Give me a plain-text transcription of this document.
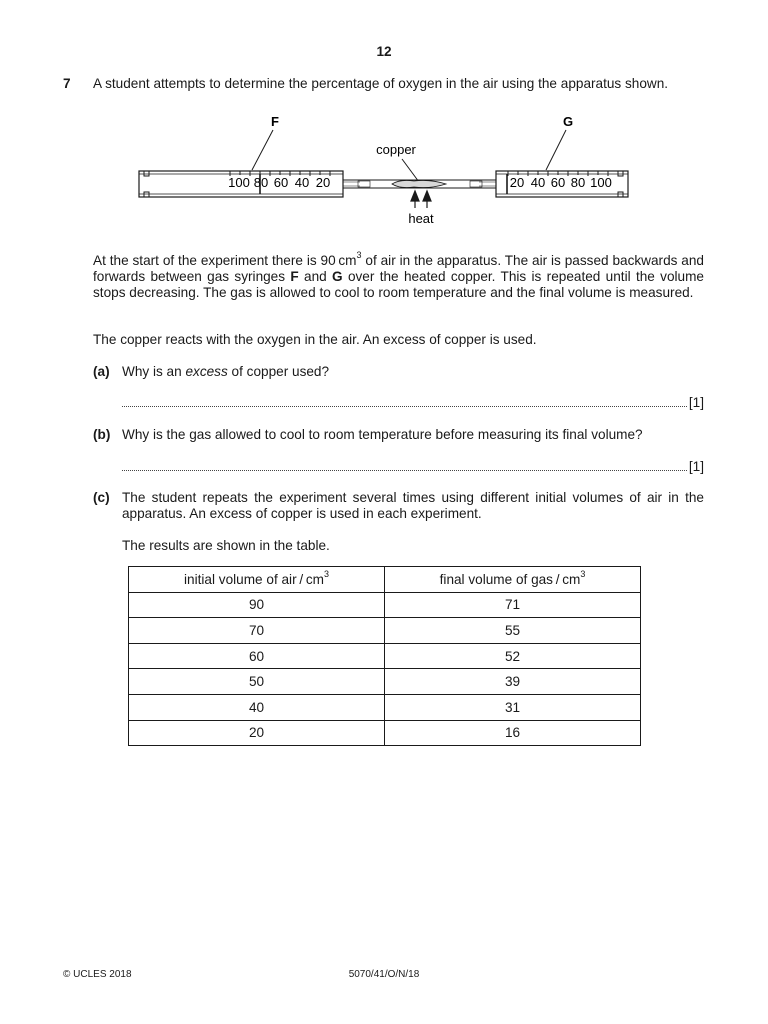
12
7 A student attempts to determine the percentage of oxygen in the air using the apparatus shown.
F	G
copper
heat
100 80 60 40 20	20 40 60 80 100
At the start of the experiment there is 90 $cm^3$ of air in the apparatus. The air is passed backwards and forwards between gas syringes F and G over the heated copper. This is repeated until the volume stops decreasing. The gas is allowed to cool to room temperature and the final volume is measured.
The copper reacts with the oxygen in the air. An excess of copper is used.
(a) Why is an excess of copper used?
[1]
(b) Why is the gas allowed to cool to room temperature before measuring its final volume?
[1]
(c) The student repeats the experiment several times using different initial volumes of air in the apparatus. An excess of copper is used in each experiment.
The results are shown in the table.
initial volume of air / $cm^3$	final volume of gas / $cm^3$
90	71
70	55
60	52
50	39
40	31
20	16
© UCLES 2018	5070/41/O/N/18
